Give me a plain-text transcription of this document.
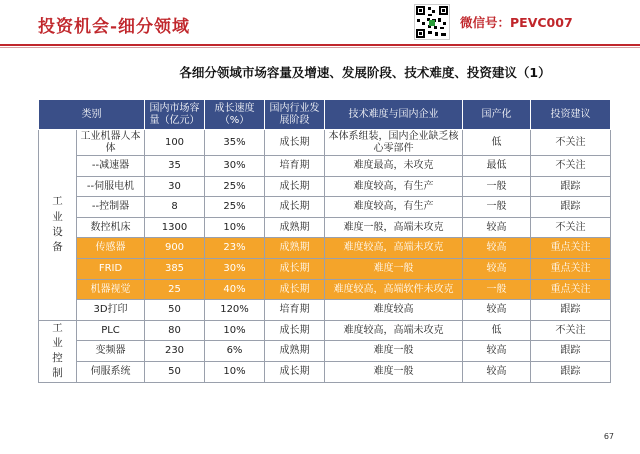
投资机会-细分领域	微信号：PEVC007
各细分领域市场容量及增速、发展阶段、技术难度、投资建议（1）
类别		国内市场容量（亿元）	成长速度（%）	国内行业发展阶段	技术难度与国内企业	国产化	投资建议
工业设备	工业机器人本体	100	35%	成长期	本体系组装，国内企业缺乏核心零部件	低	不关注
	--减速器	35	30%	培育期	难度最高，未攻克	最低	不关注
	--伺服电机	30	25%	成长期	难度较高，有生产	一般	跟踪
	--控制器	8	25%	成长期	难度较高，有生产	一般	跟踪
	数控机床	1300	10%	成熟期	难度一般，高端未攻克	较高	不关注
	传感器	900	23%	成熟期	难度较高，高端未攻克	较高	重点关注
	FRID	385	30%	成长期	难度一般	较高	重点关注
	机器视觉	25	40%	成长期	难度较高，高端软件未攻克	一般	重点关注
	3D打印	50	120%	培育期	难度较高	较高	跟踪
工业控制	PLC	80	10%	成长期	难度较高，高端未攻克	低	不关注
	变频器	230	6%	成熟期	难度一般	较高	跟踪
	伺服系统	50	10%	成长期	难度一般	较高	跟踪
67
